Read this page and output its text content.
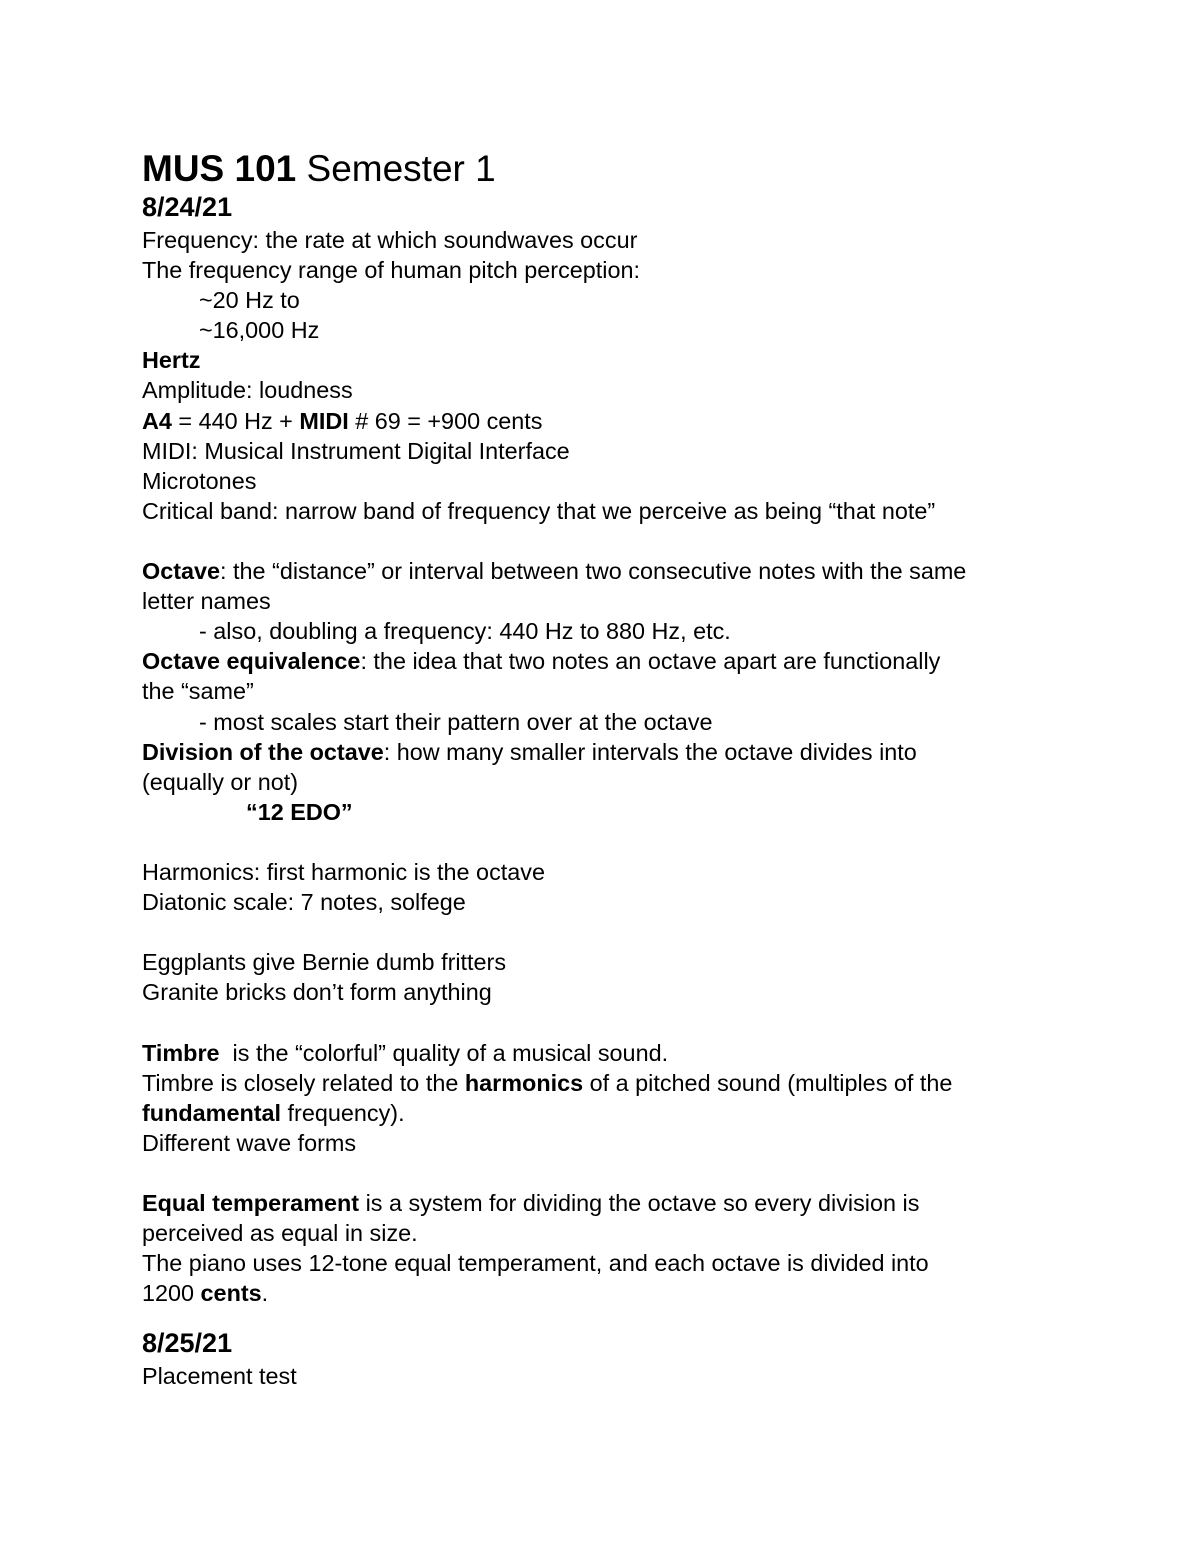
MUS 101 Semester 1
8/24/21
Frequency: the rate at which soundwaves occur
The frequency range of human pitch perception:
~20 Hz to
~16,000 Hz
Hertz
Amplitude: loudness
A4 = 440 Hz + MIDI # 69 = +900 cents
MIDI: Musical Instrument Digital Interface
Microtones
Critical band: narrow band of frequency that we perceive as being “that note”
Octave: the “distance” or interval between two consecutive notes with the same
letter names
- also, doubling a frequency: 440 Hz to 880 Hz, etc.
Octave equivalence: the idea that two notes an octave apart are functionally
the “same”
- most scales start their pattern over at the octave
Division of the octave: how many smaller intervals the octave divides into
(equally or not)
“12 EDO”
Harmonics: first harmonic is the octave
Diatonic scale: 7 notes, solfege
Eggplants give Bernie dumb fritters
Granite bricks don’t form anything
Timbre  is the “colorful” quality of a musical sound.
Timbre is closely related to the harmonics of a pitched sound (multiples of the
fundamental frequency).
Different wave forms
Equal temperament is a system for dividing the octave so every division is
perceived as equal in size.
The piano uses 12-tone equal temperament, and each octave is divided into
1200 cents.
8/25/21
Placement test
